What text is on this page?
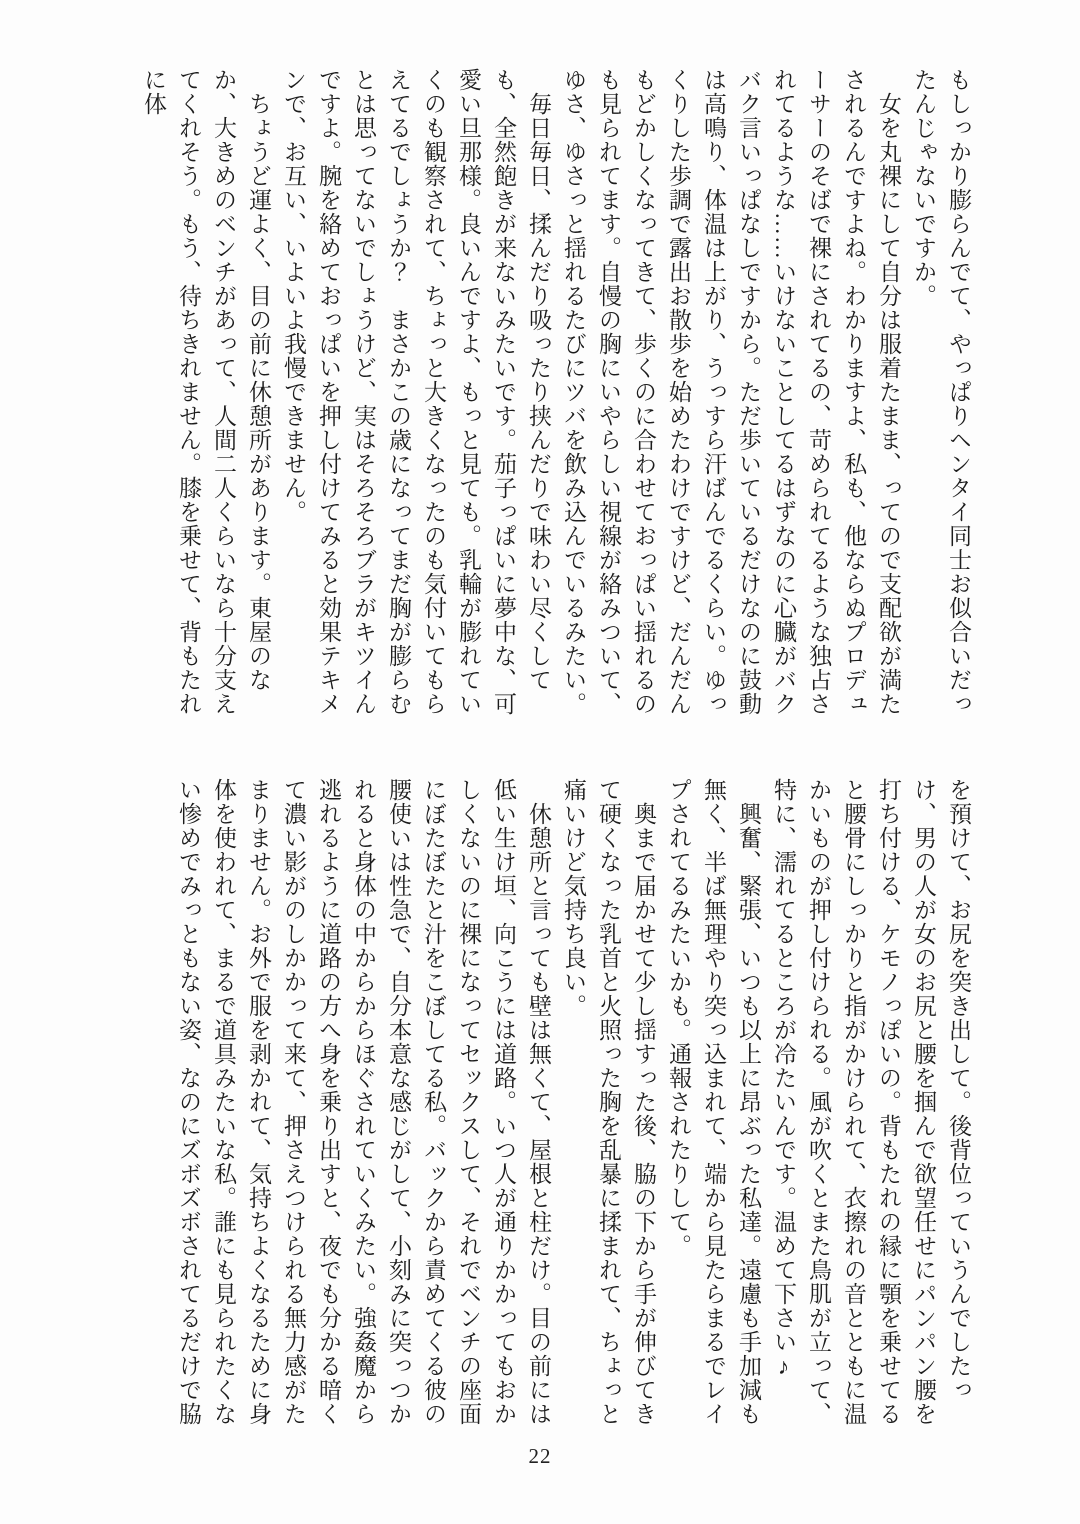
もしっかり膨らんでて、やっぱりヘンタイ同士お似合いだったんじゃないですか。

　女を丸裸にして自分は服着たまま、ってので支配欲が満たされるんですよね。わかりますよ、私も、他ならぬプロデューサーのそばで裸にされてるの、苛められてるような独占されてるような……いけないことしてるはずなのに心臓がバクバク言いっぱなしですから。ただ歩いているだけなのに鼓動は高鳴り、体温は上がり、うっすら汗ばんでるくらい。ゆっくりした歩調で露出お散歩を始めたわけですけど、だんだんもどかしくなってきて、歩くのに合わせておっぱい揺れるのも見られてます。自慢の胸にいやらしい視線が絡みついて、ゆさ、ゆさっと揺れるたびにツバを飲み込んでいるみたい。

　毎日毎日、揉んだり吸ったり挟んだりで味わい尽くしても、全然飽きが来ないみたいです。茄子っぱいに夢中な、可愛い旦那様。良いんですよ、もっと見ても。乳輪が膨れていくのも観察されて、ちょっと大きくなったのも気付いてもらえてるでしょうか？　まさかこの歳になってまだ胸が膨らむとは思ってないでしょうけど、実はそろそろブラがキツイんですよ。腕を絡めておっぱいを押し付けてみると効果テキメンで、お互い、いよいよ我慢できません。

　ちょうど運よく、目の前に休憩所があります。東屋のなか、大きめのベンチがあって、人間二人くらいなら十分支えてくれそう。もう、待ちきれません。膝を乗せて、背もたれに体

を預けて、お尻を突き出して。後背位っていうんでしたっけ、男の人が女のお尻と腰を掴んで欲望任せにパンパン腰を打ち付ける、ケモノっぽいの。背もたれの縁に顎を乗せてると腰骨にしっかりと指がかけられて、衣擦れの音とともに温かいものが押し付けられる。風が吹くとまた鳥肌が立って、特に、濡れてるところが冷たいんです。温めて下さい♪

　興奮、緊張、いつも以上に昂ぶった私達。遠慮も手加減も無く、半ば無理やり突っ込まれて、端から見たらまるでレイプされてるみたいかも。通報されたりして。

　奥まで届かせて少し揺すった後、脇の下から手が伸びてきて硬くなった乳首と火照った胸を乱暴に揉まれて、ちょっと痛いけど気持ち良い。

　休憩所と言っても壁は無くて、屋根と柱だけ。目の前には低い生け垣、向こうには道路。いつ人が通りかかってもおかしくないのに裸になってセックスして、それでベンチの座面にぼたぼたと汁をこぼしてる私。バックから責めてくる彼の腰使いは性急で、自分本意な感じがして、小刻みに突っつかれると身体の中からからほぐされていくみたい。強姦魔から逃れるように道路の方へ身を乗り出すと、夜でも分かる暗くて濃い影がのしかかって来て、押さえつけられる無力感がたまりません。お外で服を剥かれて、気持ちよくなるために身体を使われて、まるで道具みたいな私。誰にも見られたくない惨めでみっともない姿、なのにズボズボされてるだけで脇

22
